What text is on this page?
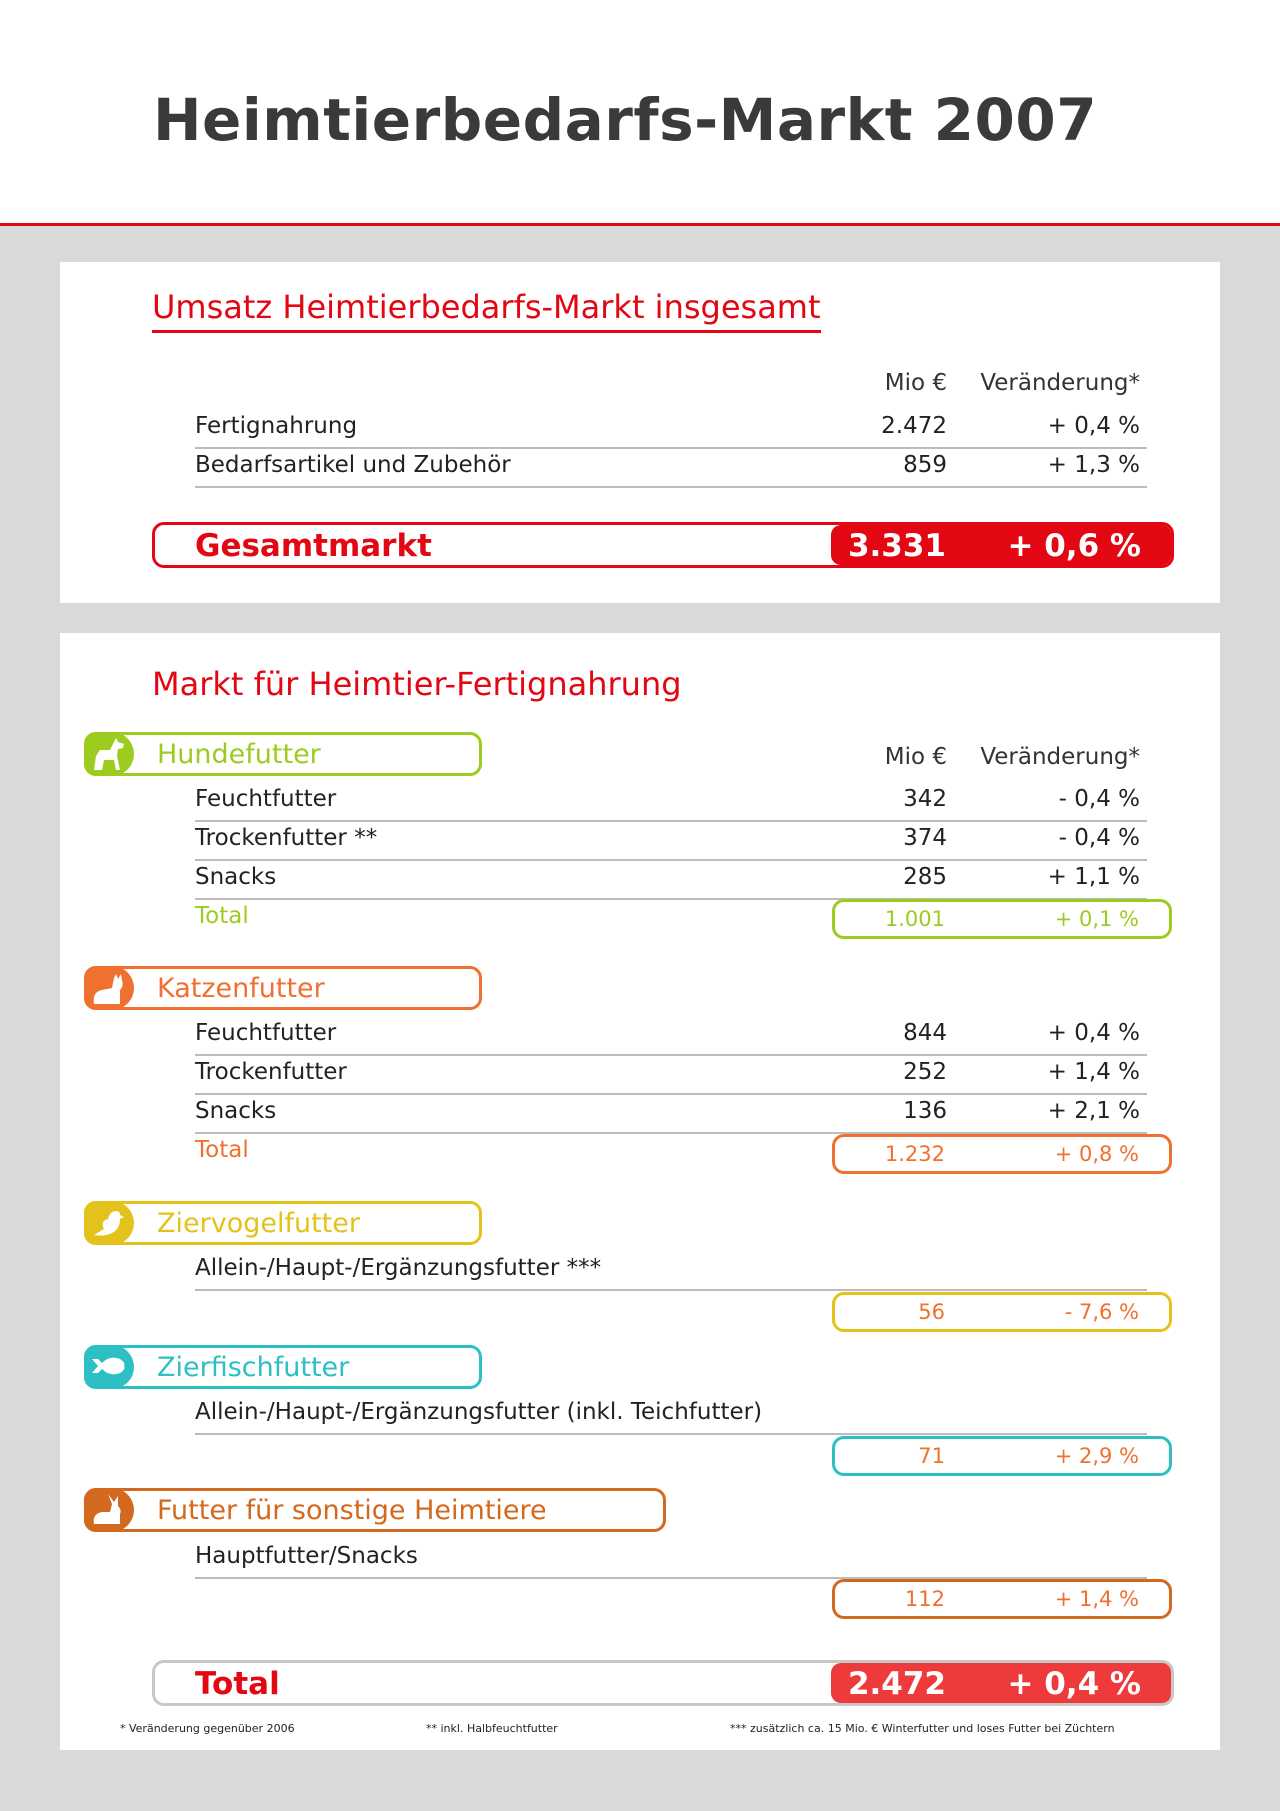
Heimtierbedarfs-Markt 2007
Umsatz Heimtierbedarfs-Markt insgesamt
Mio € Veränderung*
Fertignahrung	2.472	+ 0,4 %
Bedarfsartikel und Zubehör	859	+ 1,3 %
Gesamtmarkt	3.331 + 0,6 %
Markt für Heimtier-Fertignahrung
Hundefutter	Mio € Veränderung*
Feuchtfutter	342	- 0,4 %
Trockenfutter **	374	- 0,4 %
Snacks	285	+ 1,1 %
Total	1.001	+ 0,1 %
Katzenfutter
Feuchtfutter	844	+ 0,4 %
Trockenfutter	252	+ 1,4 %
Snacks	136	+ 2,1 %
Total	1.232	+ 0,8 %
Ziervogelfutter
Allein-/Haupt-/Ergänzungsfutter ***
56	- 7,6 %
Zierfischfutter
Allein-/Haupt-/Ergänzungsfutter (inkl. Teichfutter)
71	+ 2,9 %
Futter für sonstige Heimtiere
Hauptfutter/Snacks
112	+ 1,4 %
Total	2.472 + 0,4 %
* Veränderung gegenüber 2006	** inkl. Halbfeuchtfutter	*** zusätzlich ca. 15 Mio. € Winterfutter und loses Futter bei Züchtern
